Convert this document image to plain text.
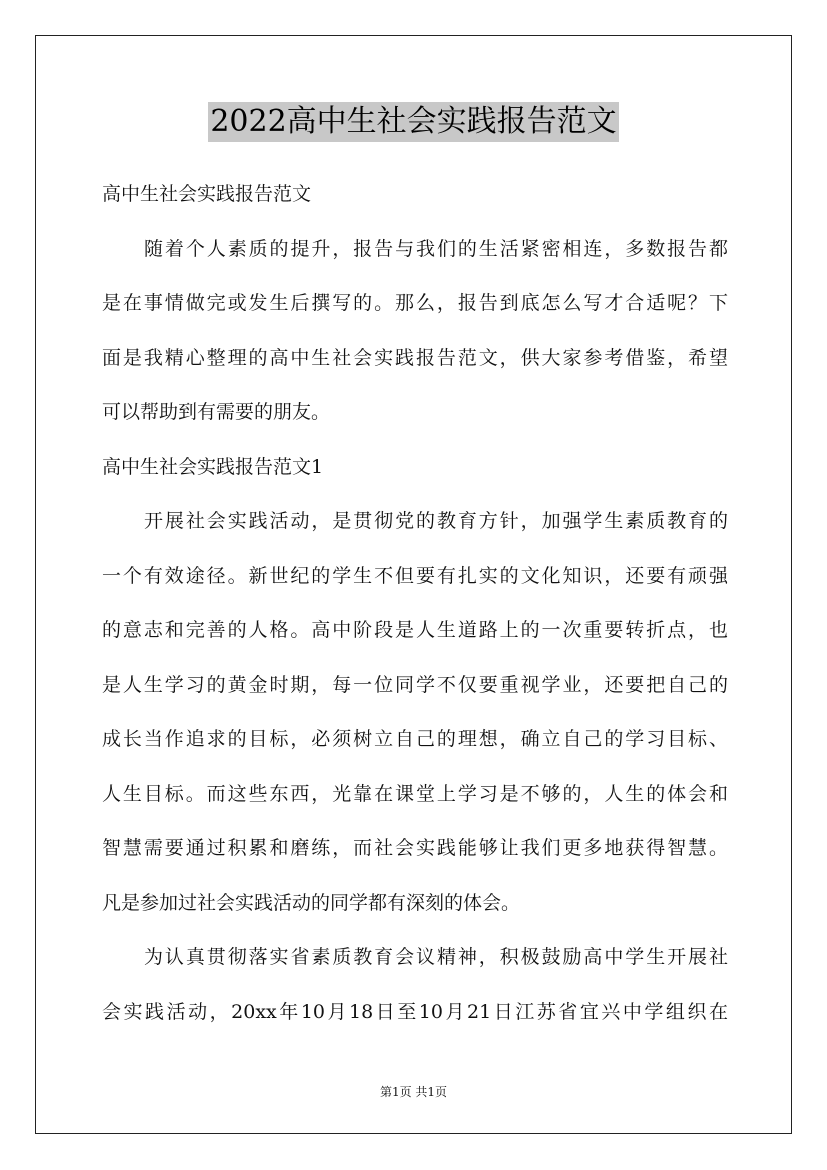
2022高中生社会实践报告范文
高中生社会实践报告范文
随着个人素质的提升，报告与我们的生活紧密相连，多数报告都
是在事情做完或发生后撰写的。那么，报告到底怎么写才合适呢？下
面是我精心整理的高中生社会实践报告范文，供大家参考借鉴，希望
可以帮助到有需要的朋友。
高中生社会实践报告范文1
开展社会实践活动，是贯彻党的教育方针，加强学生素质教育的
一个有效途径。新世纪的学生不但要有扎实的文化知识，还要有顽强
的意志和完善的人格。高中阶段是人生道路上的一次重要转折点，也
是人生学习的黄金时期，每一位同学不仅要重视学业，还要把自己的
成长当作追求的目标，必须树立自己的理想，确立自己的学习目标、
人生目标。而这些东西，光靠在课堂上学习是不够的，人生的体会和
智慧需要通过积累和磨练，而社会实践能够让我们更多地获得智慧。
凡是参加过社会实践活动的同学都有深刻的体会。
为认真贯彻落实省素质教育会议精神，积极鼓励高中学生开展社
会实践活动，20xx年10月18日至10月21日江苏省宜兴中学组织在
第1页 共1页
